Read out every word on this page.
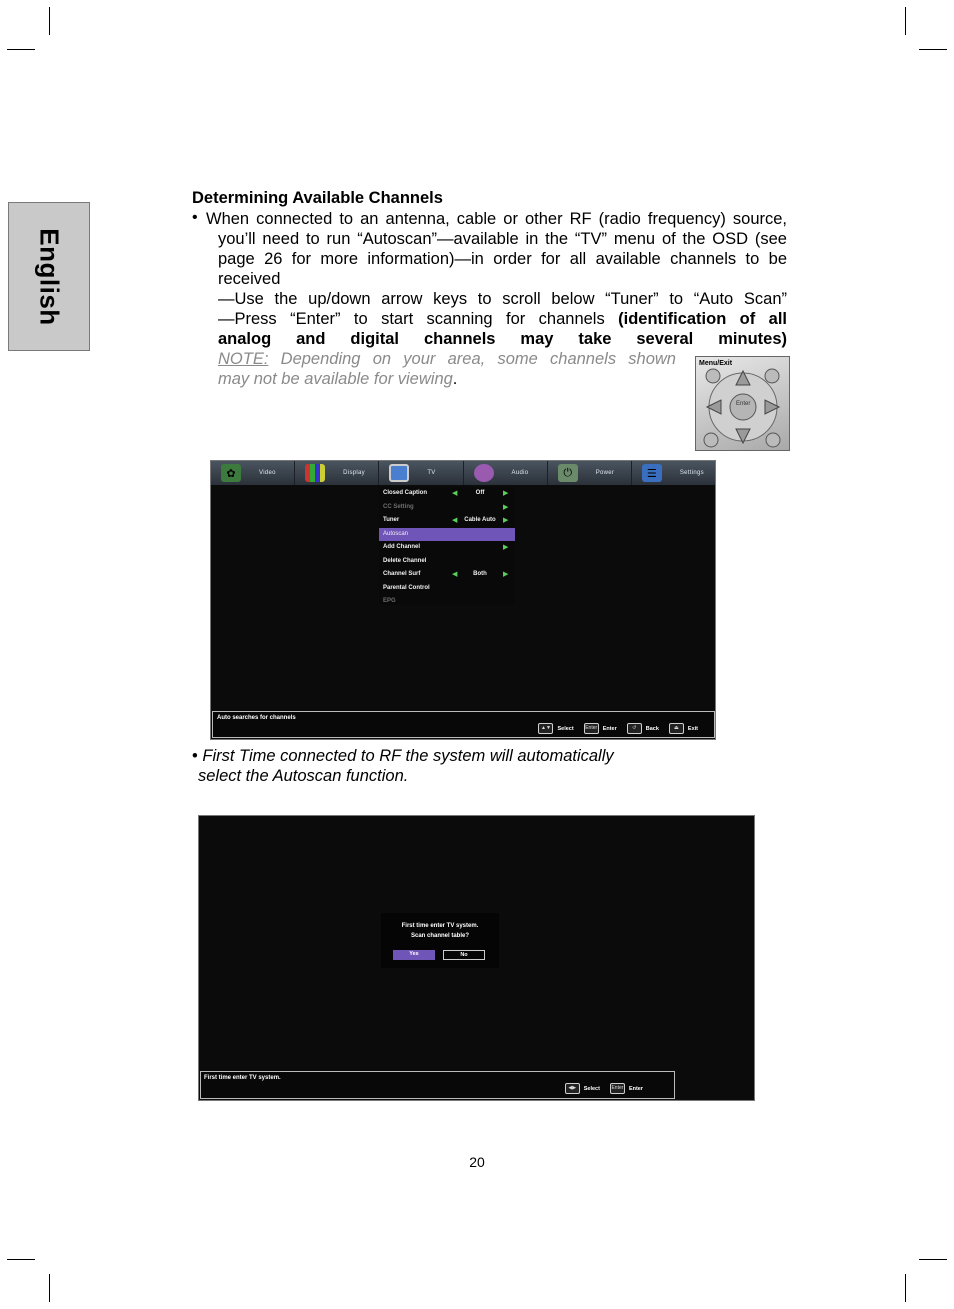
English
Determining Available Channels
• When connected to an antenna, cable or other RF (radio frequency) source,
you’ll need to run “Autoscan”—available in the “TV” menu of the OSD (see
page 26 for more information)—in order for all available channels to be
received
—Use the up/down arrow keys to scroll below “Tuner” to “Auto Scan”
—Press “Enter” to start scanning for channels (identification of all
analog and digital channels may take several minutes)
NOTE: Depending on your area, some channels shown
may not be available for viewing.
Menu/Exit
Enter
✿	Video	Display	TV	Audio	⏻	Power	☰	Settings
Closed Caption	◀	Off	▶
CC Setting	▶
Tuner	◀	Cable Auto	▶
Autoscan
Add Channel	▶
Delete Channel
Channel Surf	◀	Both	▶
Parental Control
EPG
Auto searches for channels
▲▼	Select	Enter Enter	↺	Back	⏏	Exit
• First Time connected to RF the system will automatically
select the Autoscan function.
First time enter TV system.
Scan channel table?
Yes	No
First time enter TV system.
◀▶	Select	Enter Enter
20
